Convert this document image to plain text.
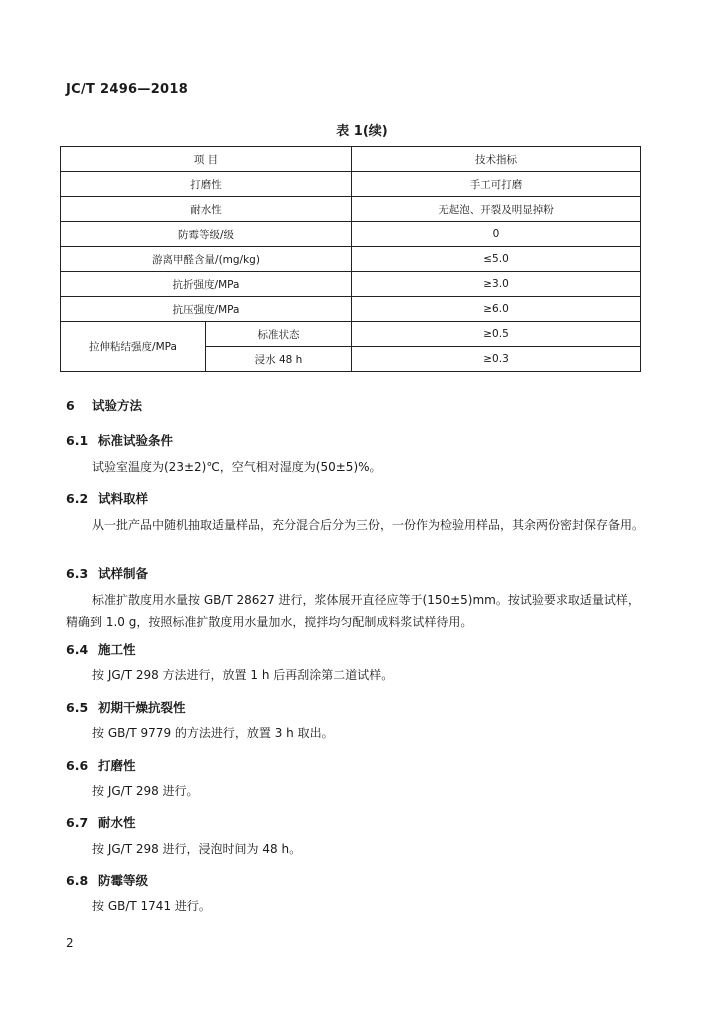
JC/T 2496—2018
表 1(续)
项 目		技术指标
打磨性		手工可打磨
耐水性		无起泡、开裂及明显掉粉
防霉等级/级		0
游离甲醛含量/(mg/kg)		≤5.0
抗折强度/MPa		≥3.0
抗压强度/MPa		≥6.0
拉伸粘结强度/MPa	标准状态	≥0.5
	浸水 48 h	≥0.3
6 试验方法
6.1 标准试验条件
试验室温度为(23±2)℃，空气相对湿度为(50±5)%。
6.2 试料取样
从一批产品中随机抽取适量样品，充分混合后分为三份，一份作为检验用样品，其余两份密封保存备用。
6.3 试样制备
标准扩散度用水量按 GB/T 28627 进行，浆体展开直径应等于(150±5)mm。按试验要求取适量试样，精确到 1.0 g，按照标准扩散度用水量加水，搅拌均匀配制成料浆试样待用。
6.4 施工性
按 JG/T 298 方法进行，放置 1 h 后再刮涂第二道试样。
6.5 初期干燥抗裂性
按 GB/T 9779 的方法进行，放置 3 h 取出。
6.6 打磨性
按 JG/T 298 进行。
6.7 耐水性
按 JG/T 298 进行，浸泡时间为 48 h。
6.8 防霉等级
按 GB/T 1741 进行。
2
